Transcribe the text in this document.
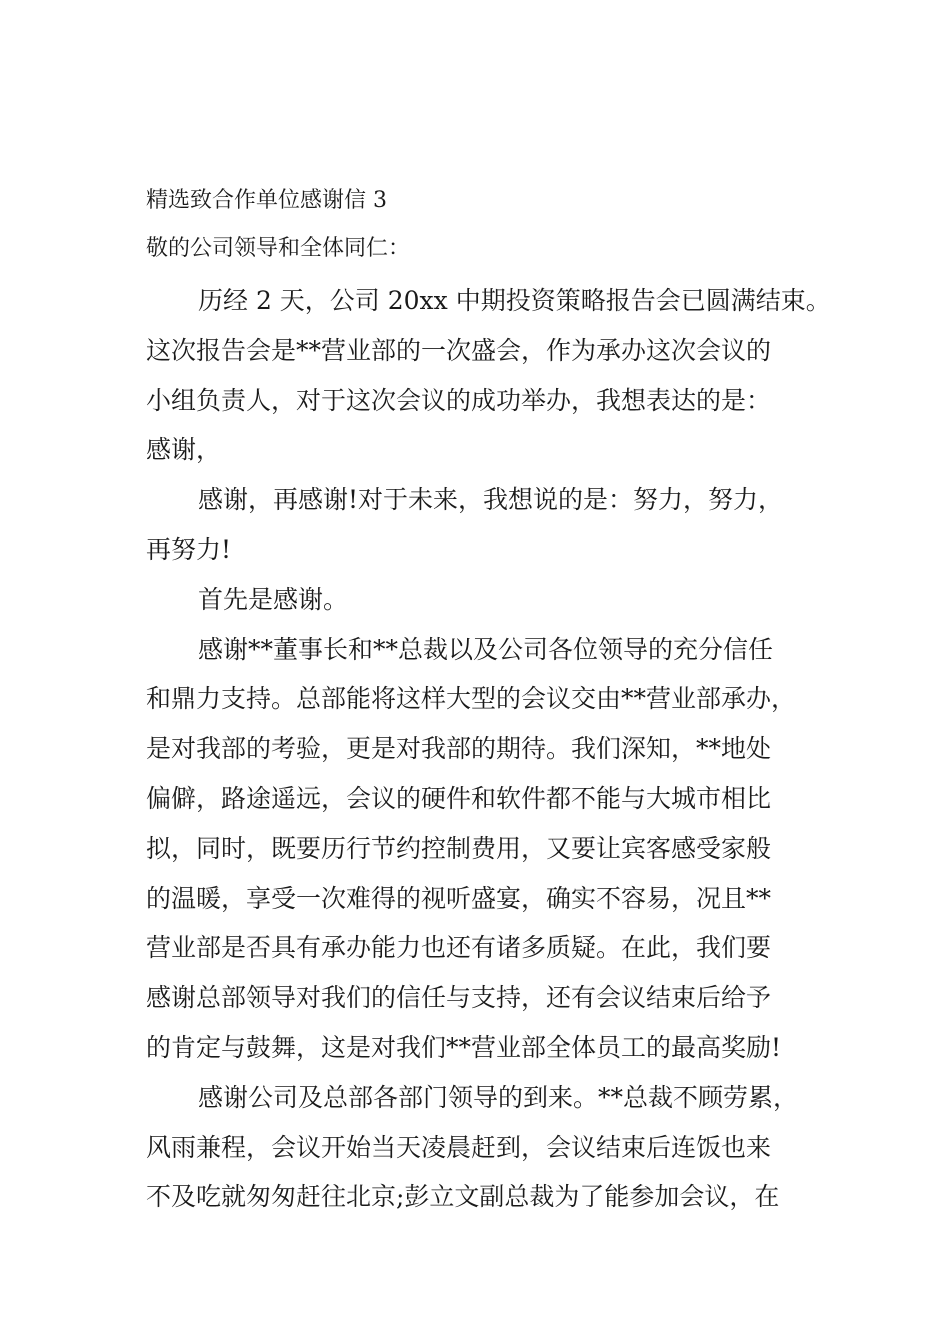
精选致合作单位感谢信 3
敬的公司领导和全体同仁：
历经 2 天，公司 20xx 中期投资策略报告会已圆满结束。
这次报告会是**营业部的一次盛会，作为承办这次会议的
小组负责人，对于这次会议的成功举办，我想表达的是：
感谢，
感谢，再感谢!对于未来，我想说的是：努力，努力，
再努力!
首先是感谢。
感谢**董事长和**总裁以及公司各位领导的充分信任
和鼎力支持。总部能将这样大型的会议交由**营业部承办，
是对我部的考验，更是对我部的期待。我们深知，**地处
偏僻，路途遥远，会议的硬件和软件都不能与大城市相比
拟，同时，既要历行节约控制费用，又要让宾客感受家般
的温暖，享受一次难得的视听盛宴，确实不容易，况且**
营业部是否具有承办能力也还有诸多质疑。在此，我们要
感谢总部领导对我们的信任与支持，还有会议结束后给予
的肯定与鼓舞，这是对我们**营业部全体员工的最高奖励!
感谢公司及总部各部门领导的到来。**总裁不顾劳累，
风雨兼程，会议开始当天凌晨赶到，会议结束后连饭也来
不及吃就匆匆赶往北京;彭立文副总裁为了能参加会议，在
